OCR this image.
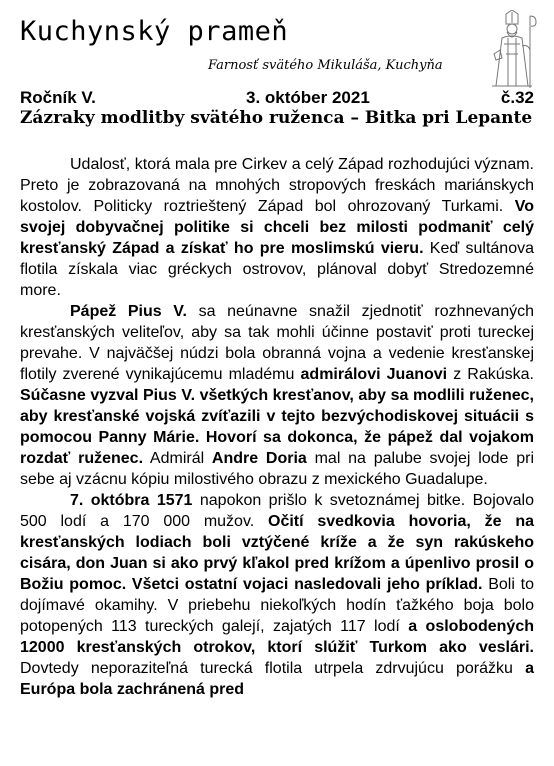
Kuchynský prameň
Farnosť svätého Mikuláša, Kuchyňa
Ročník V.	3. október 2021	č.32
Zázraky modlitby svätého ruženca – Bitka pri Lepante

Udalosť, ktorá mala pre Cirkev a celý Západ rozhodujúci význam. Preto je zobrazovaná na mnohých stropových freskách mariánskych kostolov. Politicky roztrieštený Západ bol ohrozovaný Turkami. Vo svojej dobyvačnej politike si chceli bez milosti podmaniť celý kresťanský Západ a získať ho pre moslimskú vieru. Keď sultánova flotila získala viac gréckych ostrovov, plánoval dobyť Stredozemné more.

Pápež Pius V. sa neúnavne snažil zjednotiť rozhnevaných kresťanských veliteľov, aby sa tak mohli účinne postaviť proti tureckej prevahe. V najväčšej núdzi bola obranná vojna a vedenie kresťanskej flotily zverené vynikajúcemu mladému admirálovi Juanovi z Rakúska. Súčasne vyzval Pius V. všetkých kresťanov, aby sa modlili ruženec, aby kresťanské vojská zvíťazili v tejto bezvýchodiskovej situácii s pomocou Panny Márie. Hovorí sa dokonca, že pápež dal vojakom rozdať ruženec. Admirál Andre Doria mal na palube svojej lode pri sebe aj vzácnu kópiu milostivého obrazu z mexického Guadalupe.

7. októbra 1571 napokon prišlo k svetoznámej bitke. Bojovalo 500 lodí a 170 000 mužov. Očití svedkovia hovoria, že na kresťanských lodiach boli vztýčené kríže a že syn rakúskeho cisára, don Juan si ako prvý kľakol pred krížom a úpenlivo prosil o Božiu pomoc. Všetci ostatní vojaci nasledovali jeho príklad. Boli to dojímavé okamihy. V priebehu niekoľkých hodín ťažkého boja bolo potopených 113 tureckých galejí, zajatých 117 lodí a oslobodených 12000 kresťanských otrokov, ktorí slúžiť Turkom ako veslári. Dovtedy neporaziteľná turecká flotila utrpela zdrvujúcu porážku a Európa bola zachránená pred
